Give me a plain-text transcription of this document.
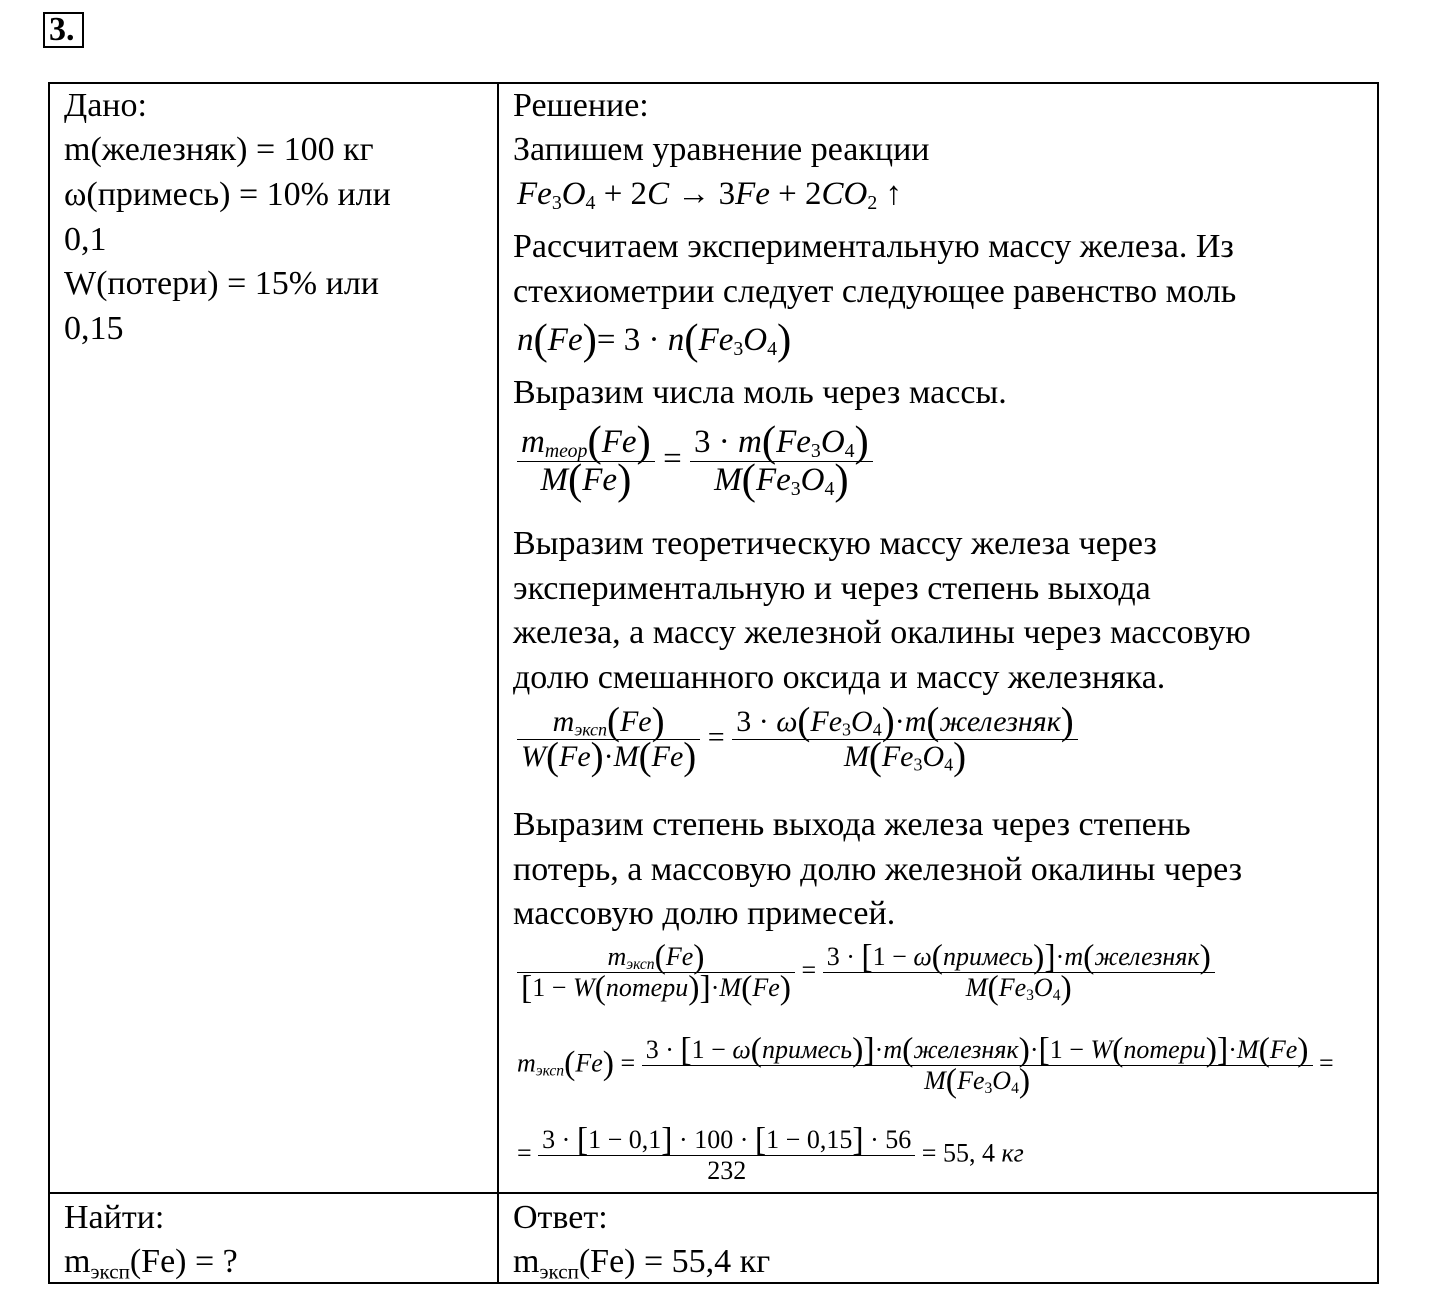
3.
Дано:
m(железняк) = 100 кг
ω(примесь) = 10% или
0,1
W(потери) = 15% или
0,15
Найти:
mэксп(Fe) = ?
Решение:
Запишем уравнение реакции
$Fe_3O_4 + 2C \to 3Fe + 2CO_2$ ↑
Рассчитаем экспериментальную массу железа. Из
стехиометрии следует следующее равенство моль
$n(Fe)= 3 \cdot n(Fe_3O_4)$
Выразим числа моль через массы.
$\frac{m_{теор}(Fe)}{M(Fe)} = \frac{3 \cdot m(Fe_3O_4)}{M(Fe_3O_4)}$
Выразим теоретическую массу железа через
экспериментальную и через степень выхода
железа, а массу железной окалины через массовую
долю смешанного оксида и массу железняка.
$\frac{m_{эксп}(Fe)}{W(Fe)\cdot M(Fe)} = \frac{3 \cdot \omega(Fe_3O_4)\cdot m(железняк)}{M(Fe_3O_4)}$
Выразим степень выхода железа через степень
потерь, а массовую долю железной окалины через
массовую долю примесей.
$\frac{m_{эксп}(Fe)}{\text{[1 − W(потери)]·M(Fe)}} = \frac{\text{3 · [1 − ω(примесь)]·m(железняк)}}{M(Fe_3O_4)}$
$m_{эксп}(Fe) = \frac{\text{3 · [1 − ω(примесь)]·m(железняк)·[1 − W(потери)]·M(Fe)}}{M(Fe_3O_4)}$ =
= $\frac{3 \cdot [1 - 0,1] \cdot 100 \cdot [1 - 0,15] \cdot 56}{232} = 55$, 4 кг
Ответ:
mэксп(Fe) = 55,4 кг
